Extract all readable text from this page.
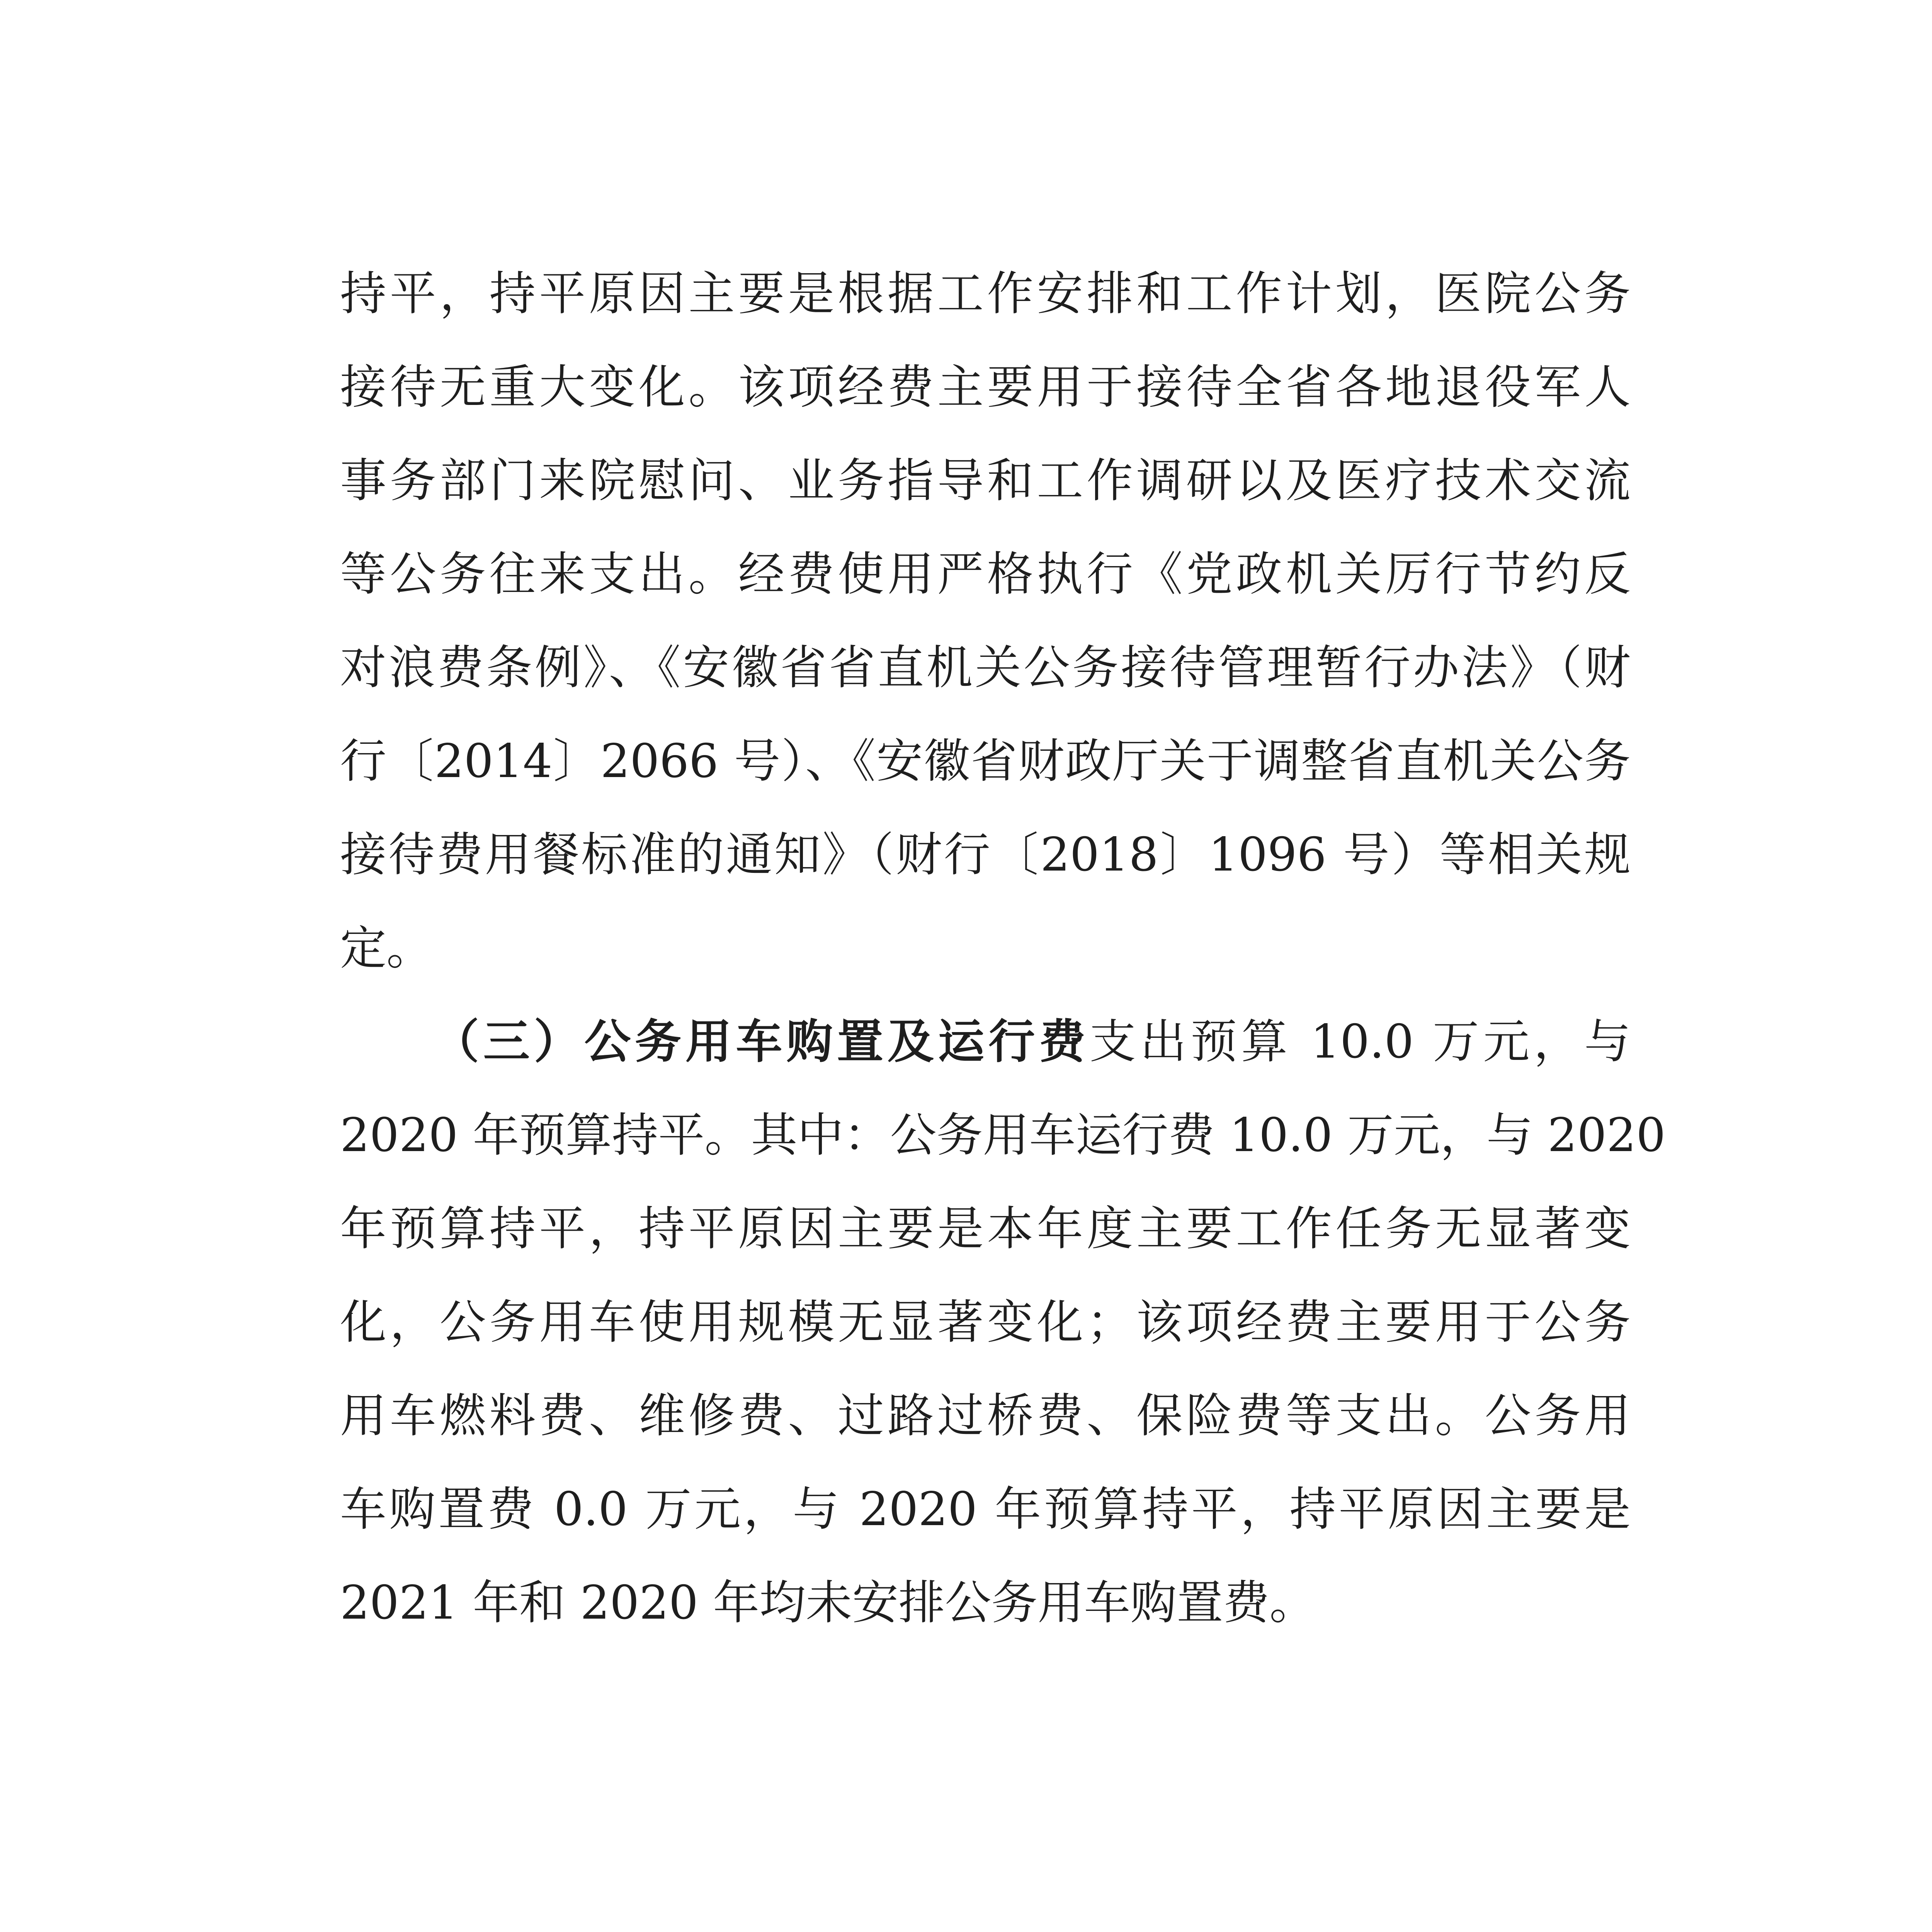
持平，持平原因主要是根据工作安排和工作计划，医院公务
接待无重大变化。该项经费主要用于接待全省各地退役军人
事务部门来院慰问、业务指导和工作调研以及医疗技术交流
等公务往来支出。经费使用严格执行《党政机关厉行节约反
对浪费条例》、《安徽省省直机关公务接待管理暂行办法》（财
行〔2014〕2066 号）、《安徽省财政厅关于调整省直机关公务
接待费用餐标准的通知》（财行〔2018〕1096 号）等相关规
定。
（三）公务用车购置及运行费支出预算 10.0 万元，与
2020 年预算持平。其中：公务用车运行费 10.0 万元，与 2020
年预算持平，持平原因主要是本年度主要工作任务无显著变
化，公务用车使用规模无显著变化；该项经费主要用于公务
用车燃料费、维修费、过路过桥费、保险费等支出。公务用
车购置费 0.0 万元，与 2020 年预算持平，持平原因主要是
2021 年和 2020 年均未安排公务用车购置费。
